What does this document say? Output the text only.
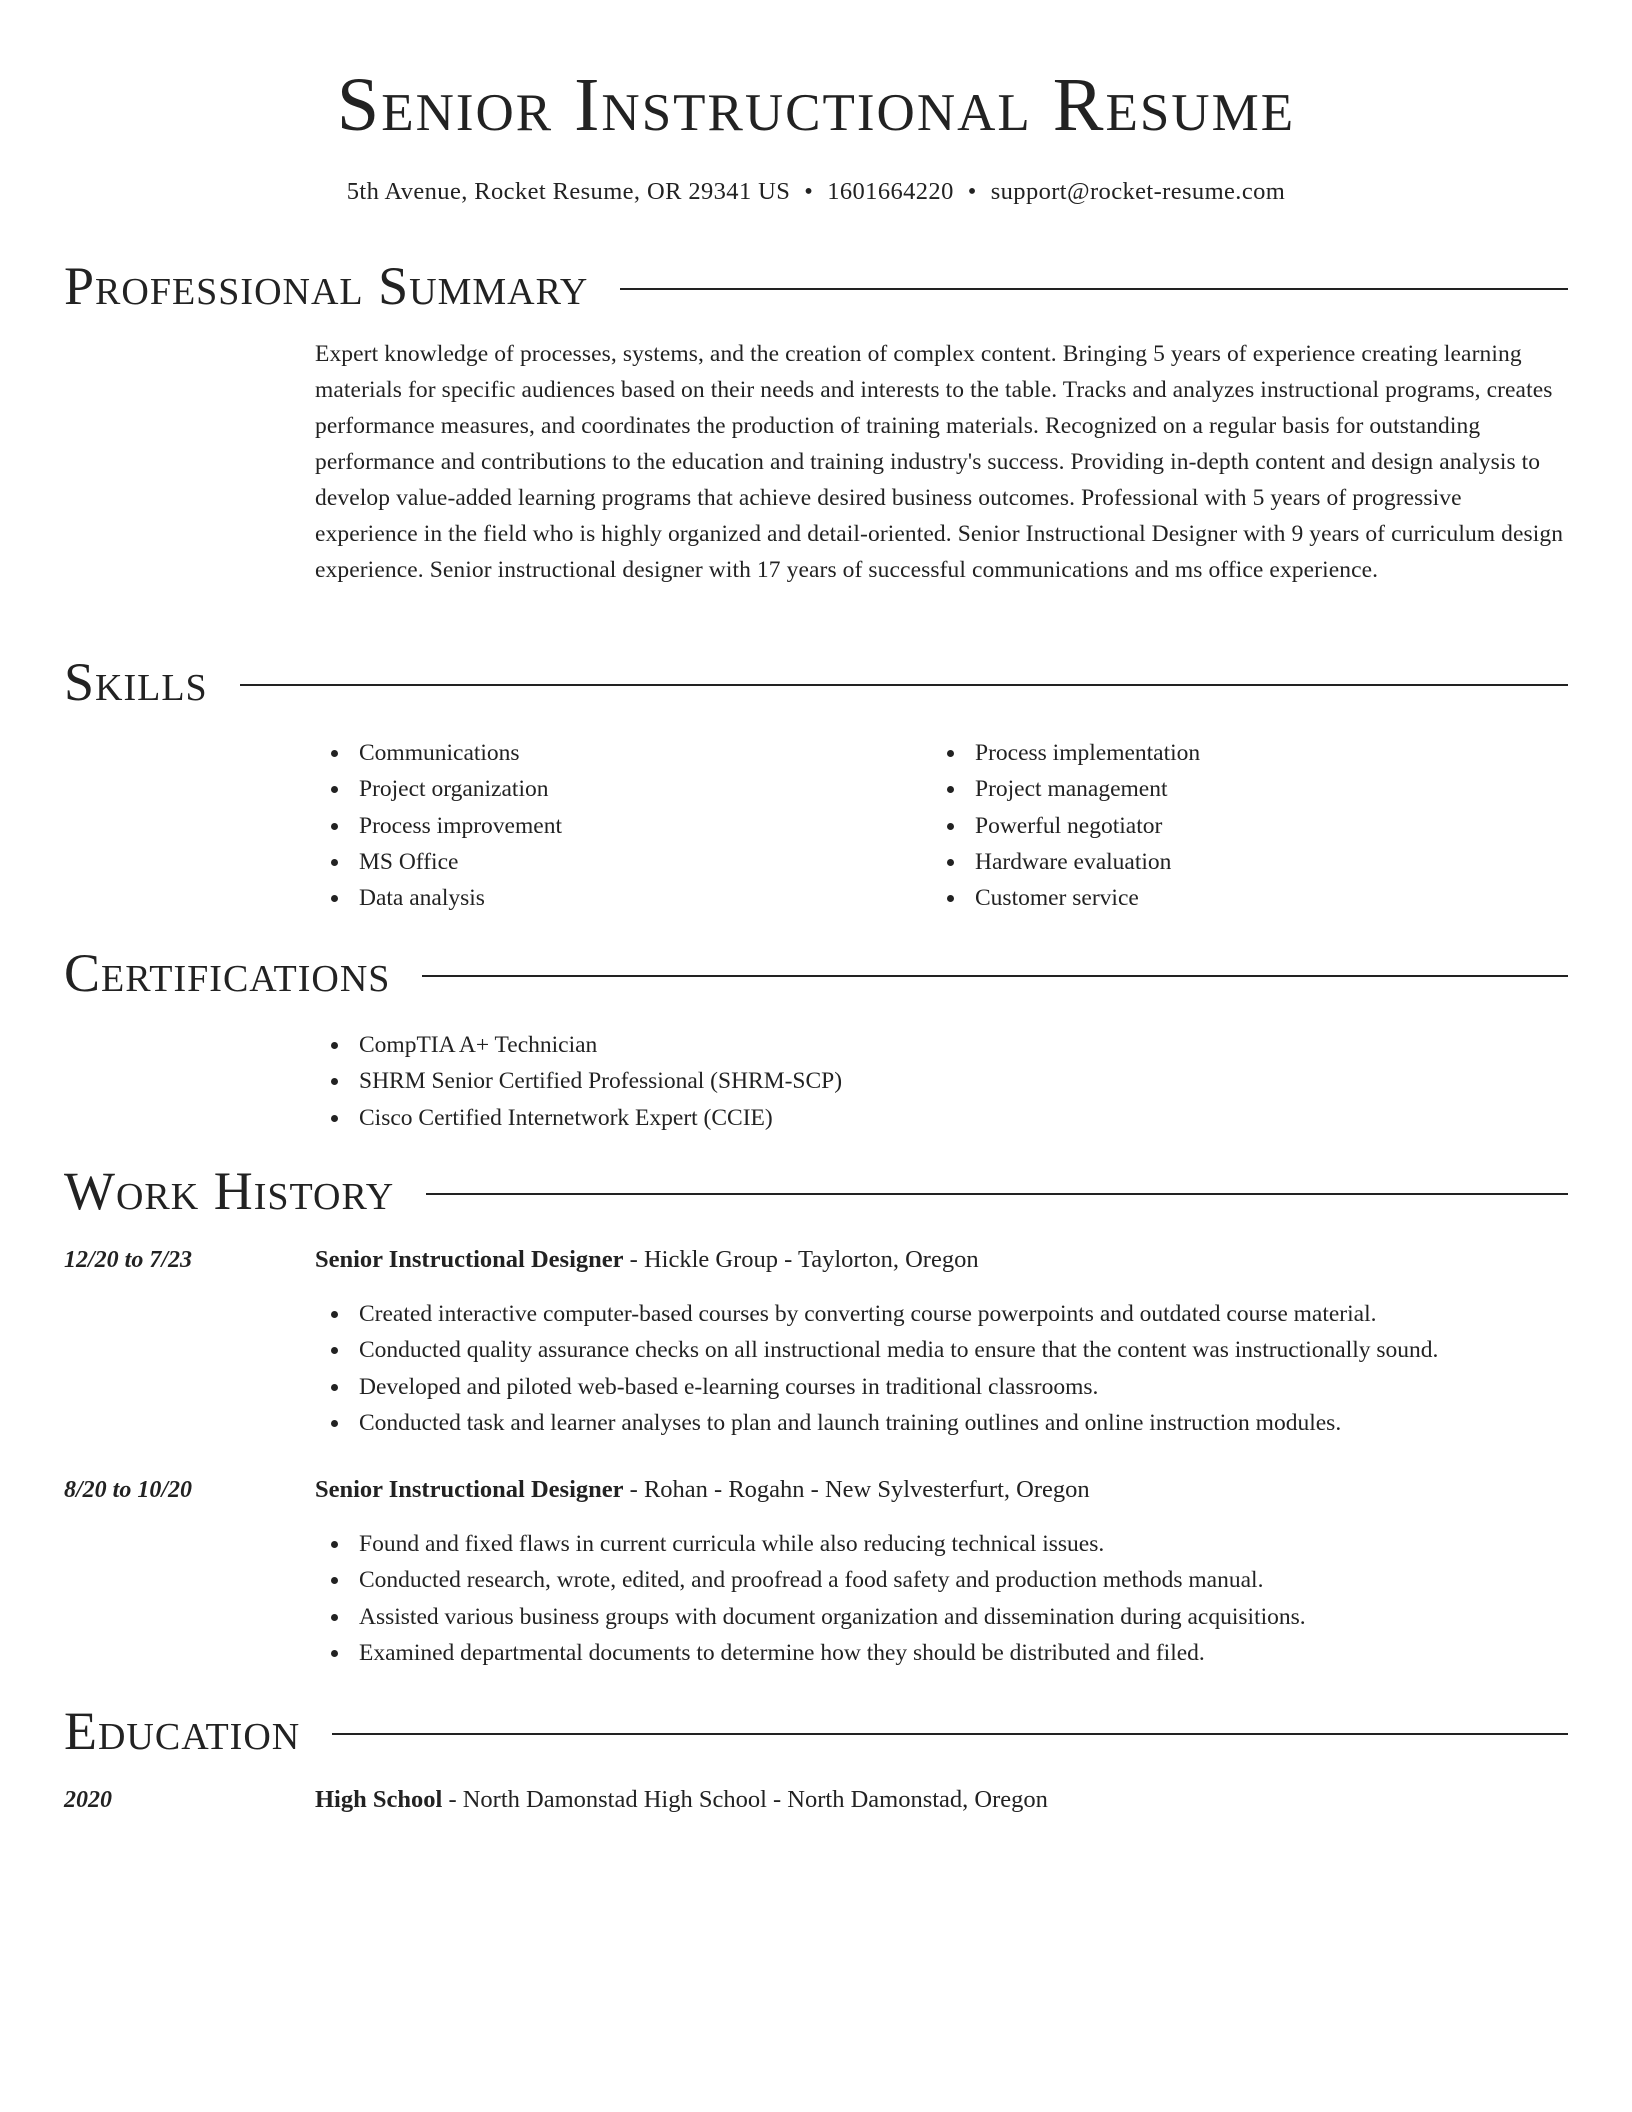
Senior Instructional Resume
5th Avenue, Rocket Resume, OR 29341 US • 1601664220 • support@rocket-resume.com
Professional Summary

Expert knowledge of processes, systems, and the creation of complex content. Bringing 5 years of experience creating learning materials for specific audiences based on their needs and interests to the table. Tracks and analyzes instructional programs, creates performance measures, and coordinates the production of training materials. Recognized on a regular basis for outstanding performance and contributions to the education and training industry's success. Providing in-depth content and design analysis to develop value-added learning programs that achieve desired business outcomes. Professional with 5 years of progressive experience in the field who is highly organized and detail-oriented. Senior Instructional Designer with 9 years of curriculum design experience. Senior instructional designer with 17 years of successful communications and ms office experience.

Skills
Communications
Project organization
Process improvement
MS Office
Data analysis
Process implementation
Project management
Powerful negotiator
Hardware evaluation
Customer service
Certifications
CompTIA A+ Technician
SHRM Senior Certified Professional (SHRM-SCP)
Cisco Certified Internetwork Expert (CCIE)
Work History
12/20 to 7/23	Senior Instructional Designer - Hickle Group - Taylorton, Oregon
Created interactive computer-based courses by converting course powerpoints and outdated course material.
Conducted quality assurance checks on all instructional media to ensure that the content was instructionally sound.
Developed and piloted web-based e-learning courses in traditional classrooms.
Conducted task and learner analyses to plan and launch training outlines and online instruction modules.
8/20 to 10/20	Senior Instructional Designer - Rohan - Rogahn - New Sylvesterfurt, Oregon
Found and fixed flaws in current curricula while also reducing technical issues.
Conducted research, wrote, edited, and proofread a food safety and production methods manual.
Assisted various business groups with document organization and dissemination during acquisitions.
Examined departmental documents to determine how they should be distributed and filed.
Education
2020	High School - North Damonstad High School - North Damonstad, Oregon
